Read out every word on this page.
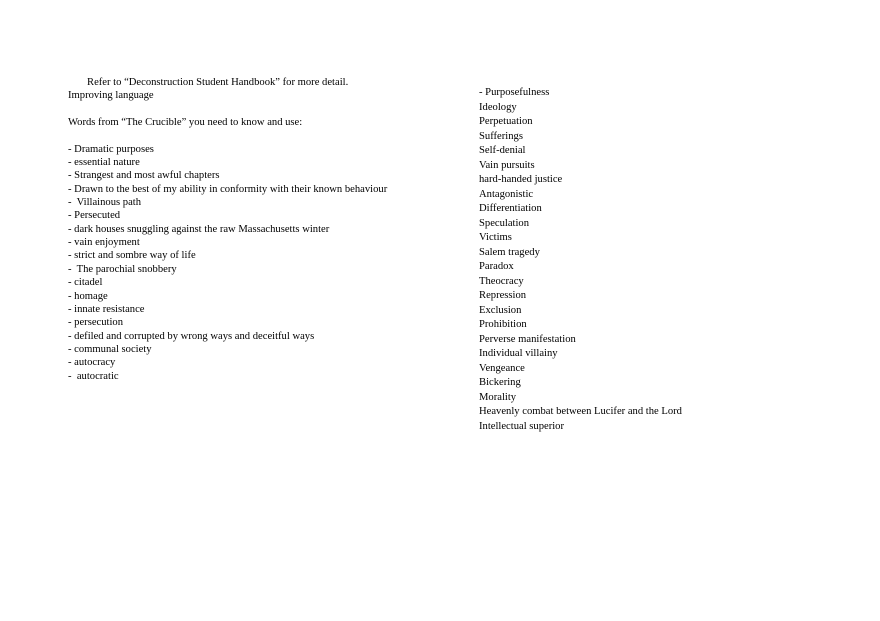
Refer to “Deconstruction Student Handbook” for more detail.
Improving language
Words from “The Crucible” you need to know and use:
- Dramatic purposes
- essential nature
- Strangest and most awful chapters
- Drawn to the best of my ability in conformity with their known behaviour
-  Villainous path
- Persecuted
- dark houses snuggling against the raw Massachusetts winter
- vain enjoyment
- strict and sombre way of life
-  The parochial snobbery
- citadel
- homage
- innate resistance
- persecution
- defiled and corrupted by wrong ways and deceitful ways
- communal society
- autocracy
-  autocratic
- Purposefulness
Ideology
Perpetuation
Sufferings
Self-denial
Vain pursuits
hard-handed justice
Antagonistic
Differentiation
Speculation
Victims
Salem tragedy
Paradox
Theocracy
Repression
Exclusion
Prohibition
Perverse manifestation
Individual villainy
Vengeance
Bickering
Morality
Heavenly combat between Lucifer and the Lord
Intellectual superior
